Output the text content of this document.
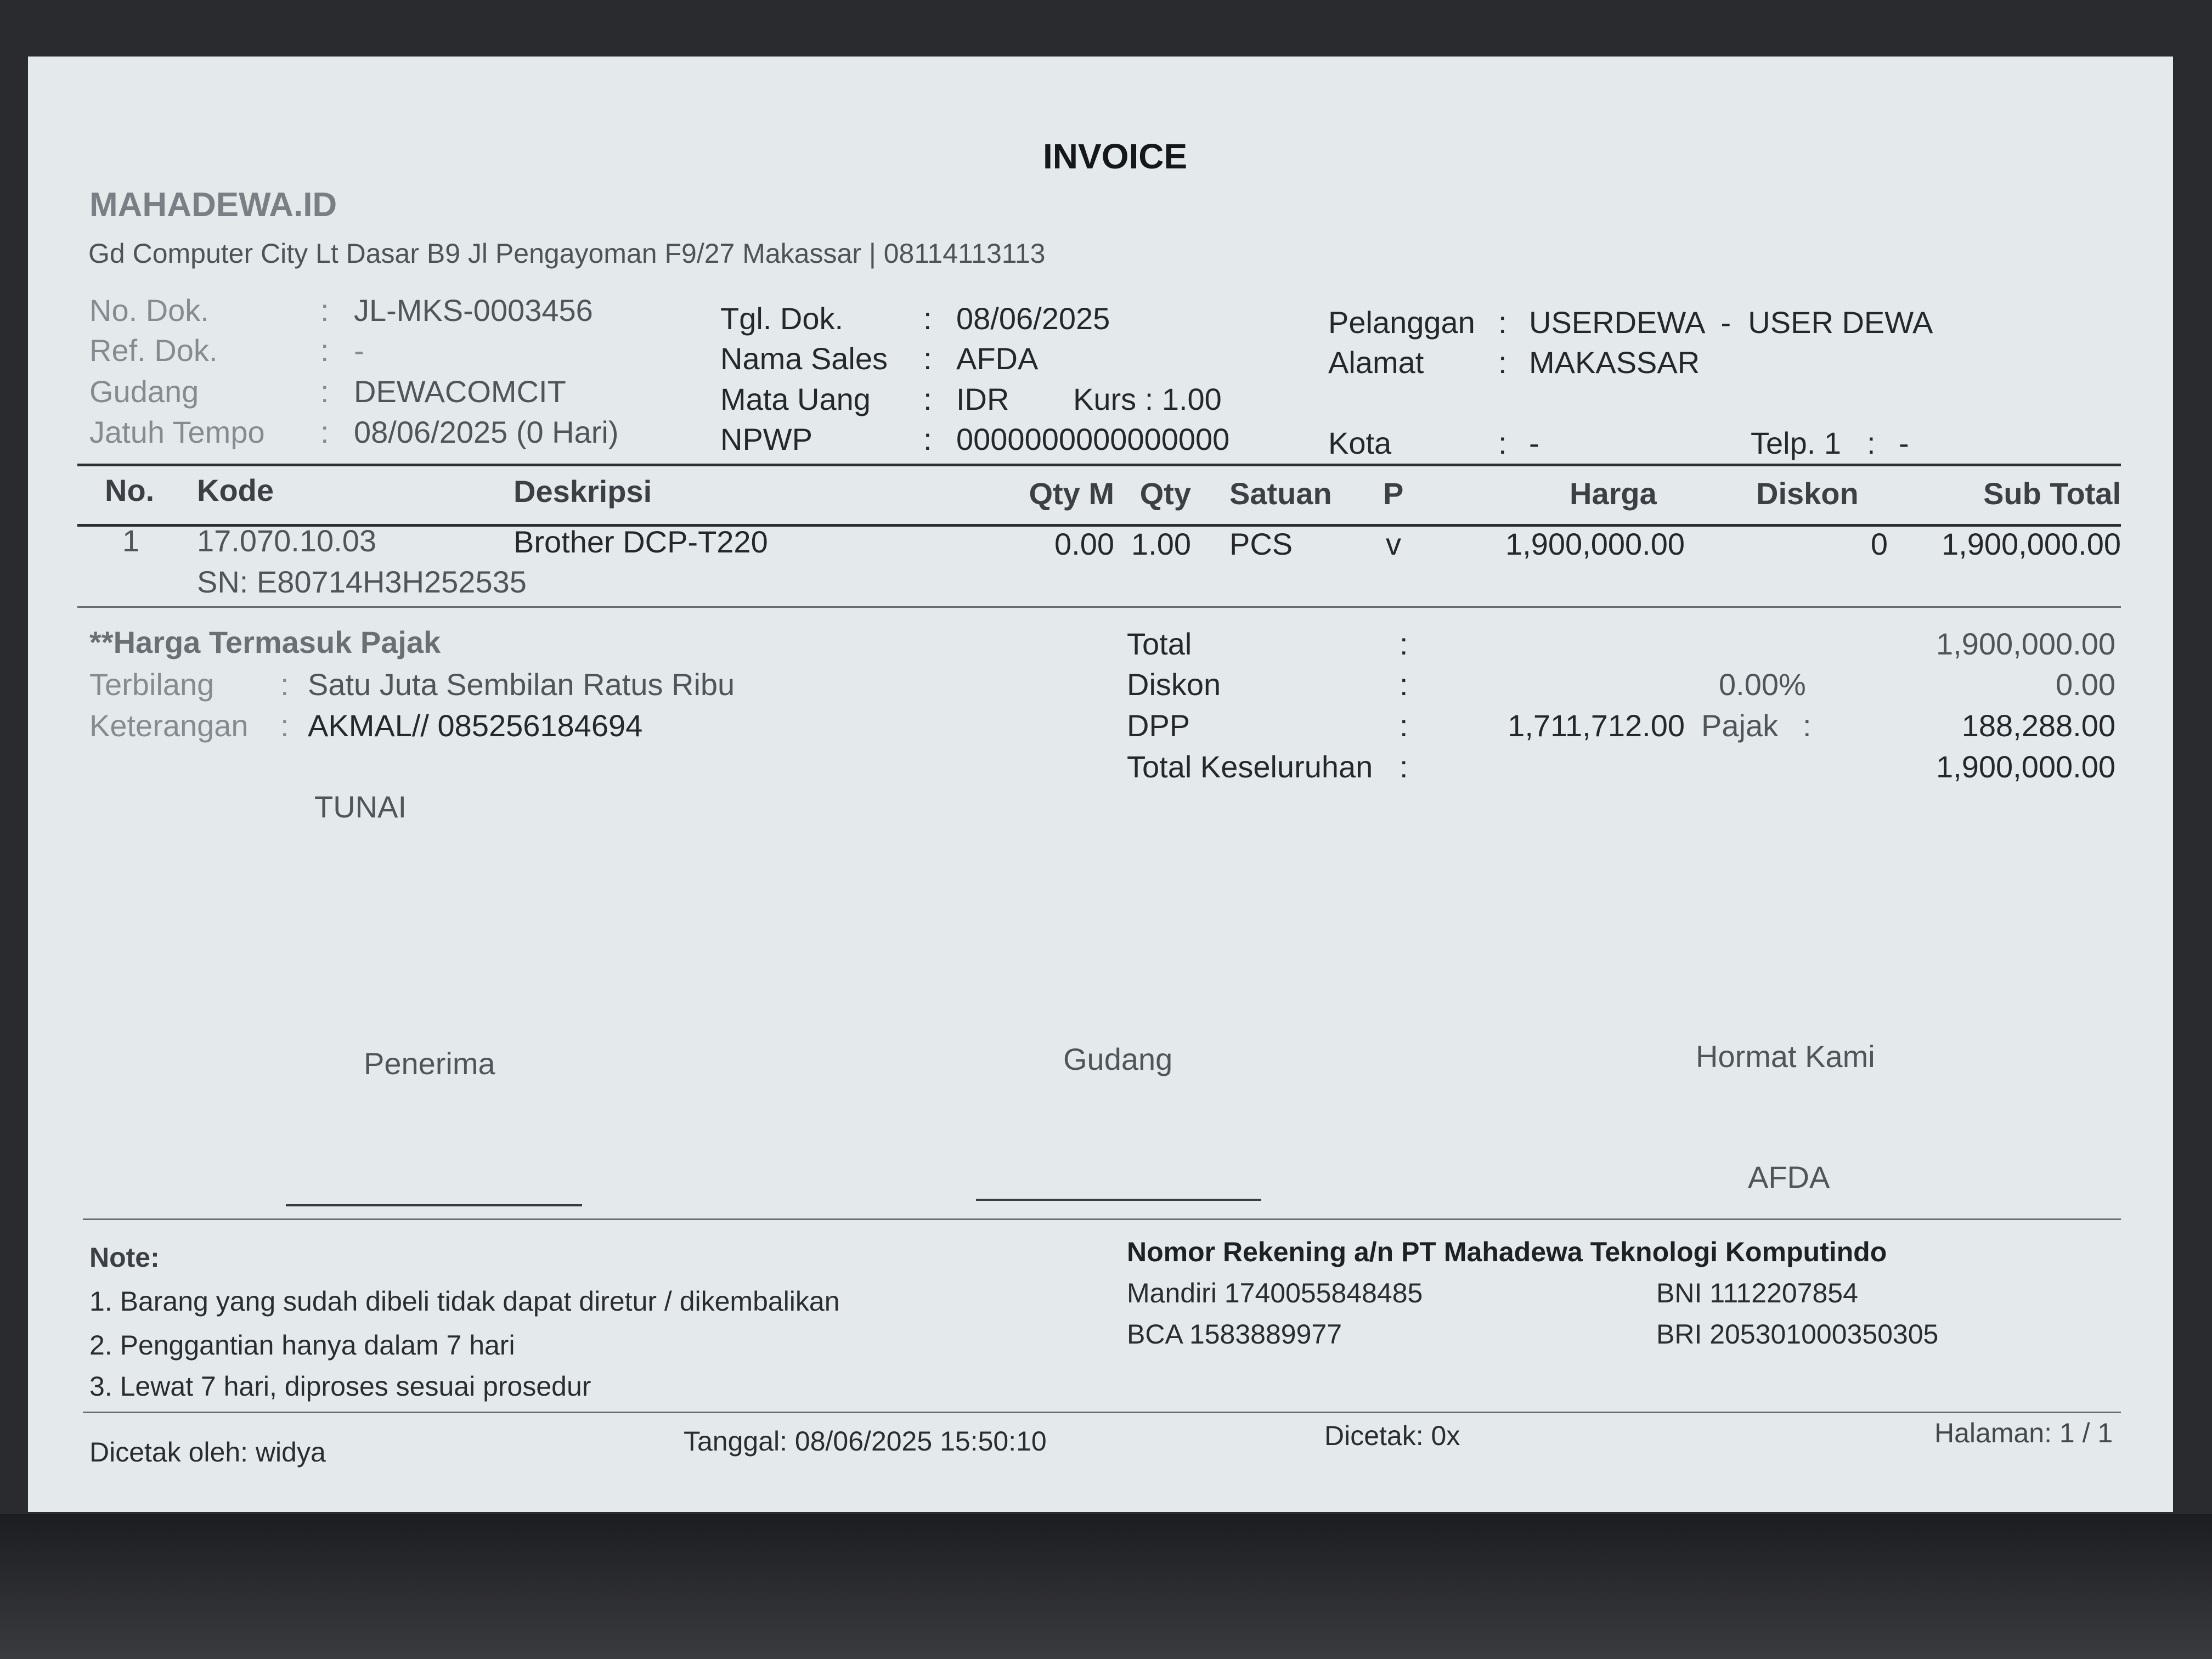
INVOICE
MAHADEWA.ID
Gd Computer City Lt Dasar B9 Jl Pengayoman F9/27 Makassar | 08114113113
No. Dok.	: JL-MKS-0003456
Ref. Dok.	: -
Gudang	: DEWACOMCIT
Jatuh Tempo : 08/06/2025 (0 Hari)
Tgl. Dok.	: 08/06/2025
Nama Sales : AFDA
Mata Uang : IDR Kurs : 1.00
NPWP	: 0000000000000000
Pelanggan : USERDEWA  -  USER DEWA
Alamat : MAKASSAR
Kota	: -	Telp. 1 : -
No. Kode	Deskripsi	Qty M Qty Satuan P	Harga	Diskon	Sub Total
1 17.070.10.03	Brother DCP-T220	0.00 1.00 PCS	v	1,900,000.00	0	1,900,000.00
SN: E80714H3H252535
**Harga Termasuk Pajak
Terbilang : Satu Juta Sembilan Ratus Ribu
Keterangan : AKMAL// 085256184694
TUNAI
Total	:	1,900,000.00
Diskon	:	0.00%	0.00
DPP	:	1,711,712.00 Pajak :	188,288.00
Total Keseluruhan :	1,900,000.00
Penerima	Gudang	Hormat Kami
AFDA
Note:
1. Barang yang sudah dibeli tidak dapat diretur / dikembalikan
2. Penggantian hanya dalam 7 hari
3. Lewat 7 hari, diproses sesuai prosedur
Nomor Rekening a/n PT Mahadewa Teknologi Komputindo
Mandiri 1740055848485	BNI 1112207854
BCA 1583889977	BRI 205301000350305
Dicetak oleh: widya	Tanggal: 08/06/2025 15:50:10	Dicetak: 0x	Halaman: 1 / 1
